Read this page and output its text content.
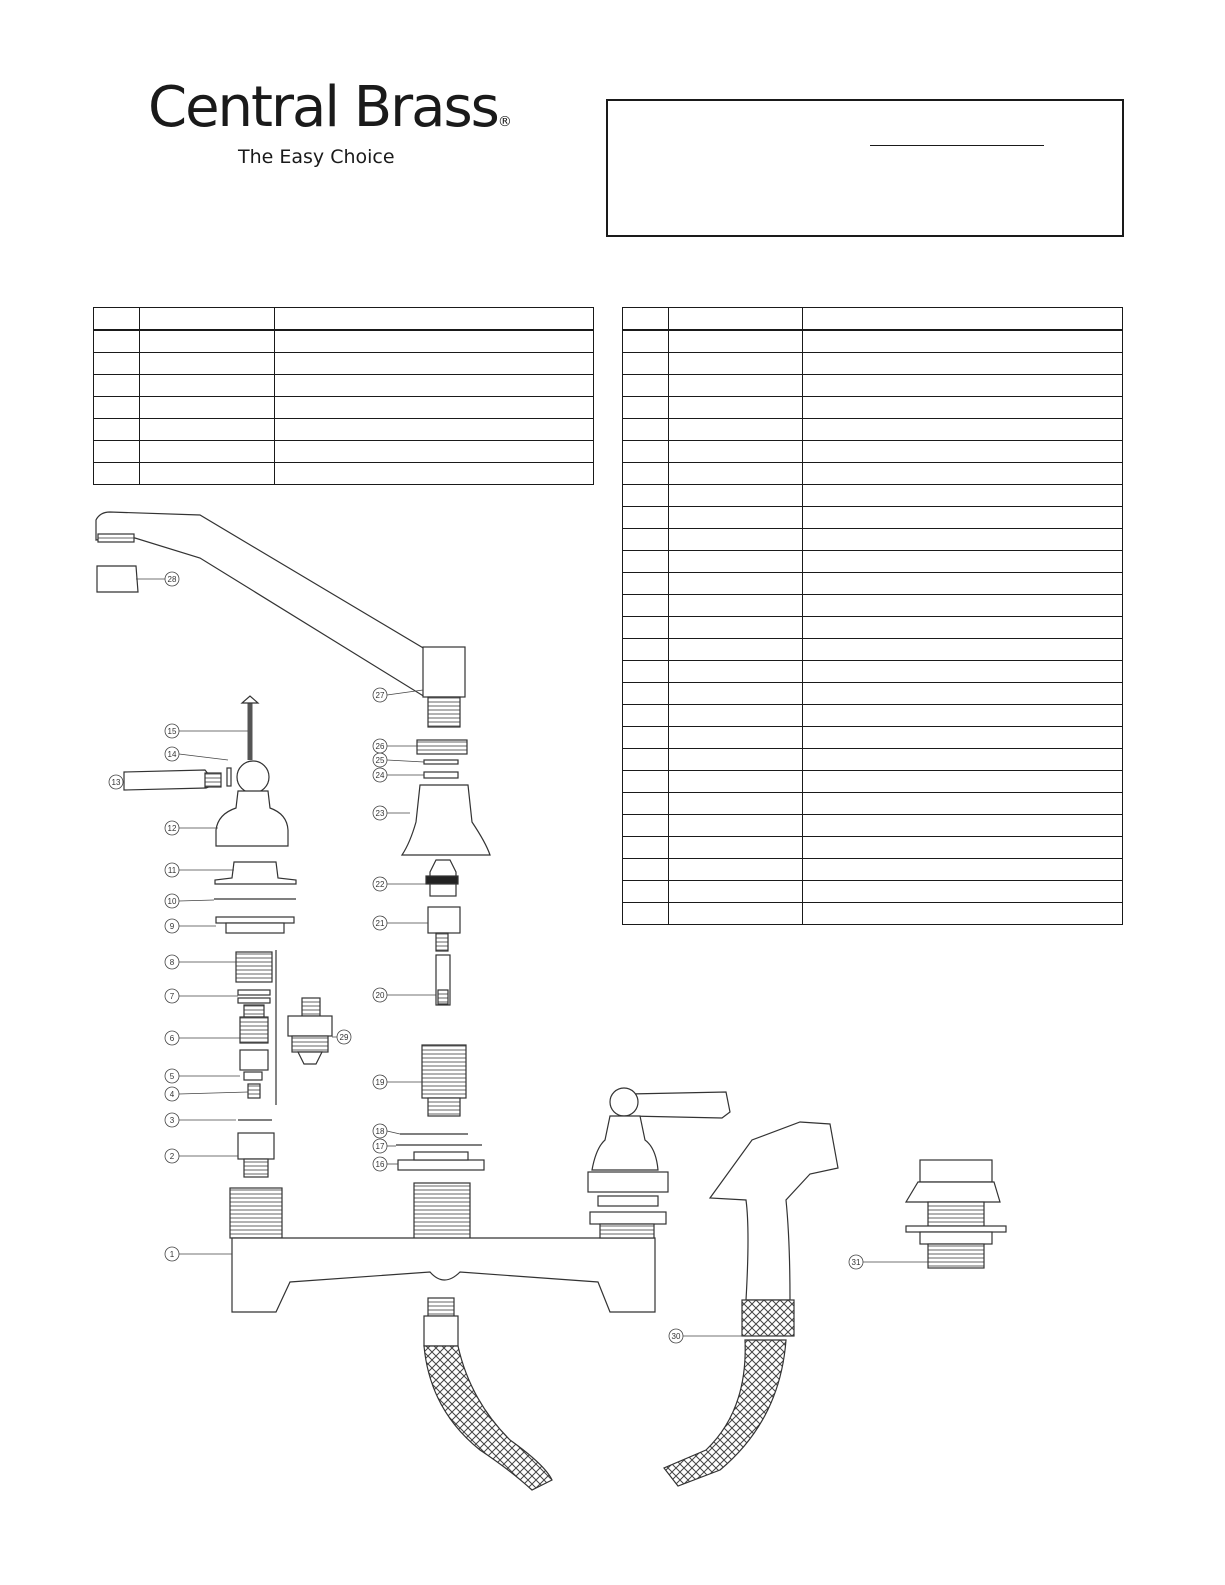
Central Brass®
The Easy Choice

1
2
3
4
5
6
7
8
9
10
11
12
13
14
15
16
17
18
19
20
21
22
23
24
25
26
27
28
29
30
31
